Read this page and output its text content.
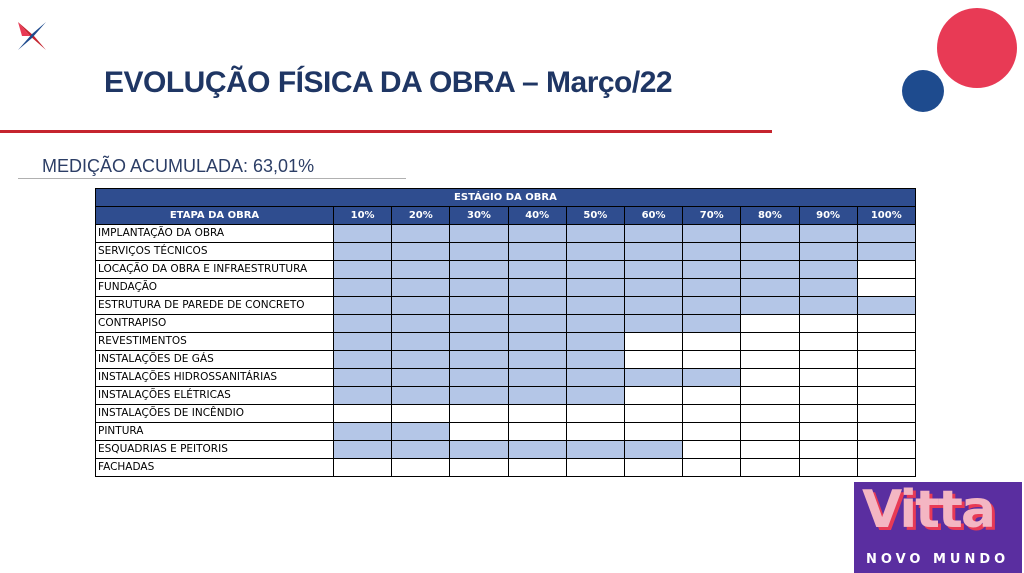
EVOLUÇÃO FÍSICA DA OBRA – Março/22
MEDIÇÃO ACUMULADA: 63,01%
ESTÁGIO DA OBRA										
ETAPA DA OBRA	10%	20%	30%	40%	50%	60%	70%	80%	90%	100%
IMPLANTAÇÃO DA OBRA										
SERVIÇOS TÉCNICOS										
LOCAÇÃO DA OBRA E INFRAESTRUTURA										
FUNDAÇÃO										
ESTRUTURA DE PAREDE DE CONCRETO										
CONTRAPISO										
REVESTIMENTOS										
INSTALAÇÕES DE GÁS										
INSTALAÇÕES HIDROSSANITÁRIAS										
INSTALAÇÕES ELÉTRICAS										
INSTALAÇÕES DE INCÊNDIO										
PINTURA										
ESQUADRIAS E PEITORIS										
FACHADAS										
Vitta
NOVO MUNDO
